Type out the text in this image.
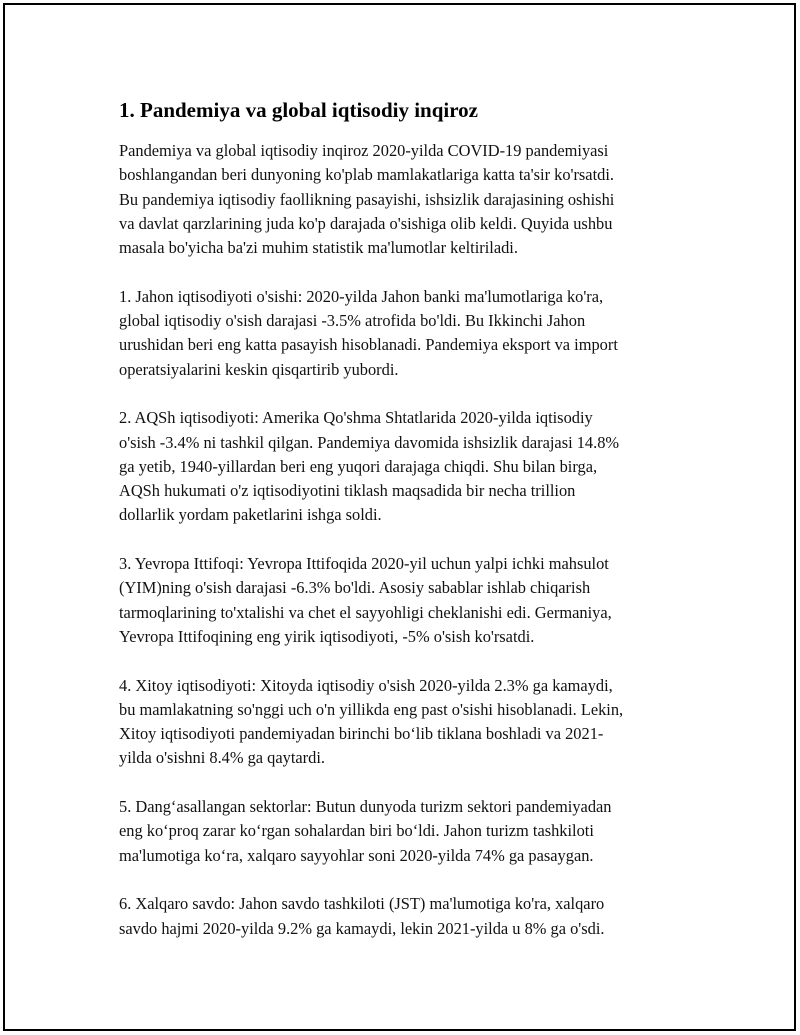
1. Pandemiya va global iqtisodiy inqiroz

Pandemiya va global iqtisodiy inqiroz 2020-yilda COVID-19 pandemiyasi
boshlangandan beri dunyoning ko'plab mamlakatlariga katta ta'sir ko'rsatdi.
Bu pandemiya iqtisodiy faollikning pasayishi, ishsizlik darajasining oshishi
va davlat qarzlarining juda ko'p darajada o'sishiga olib keldi. Quyida ushbu
masala bo'yicha ba'zi muhim statistik ma'lumotlar keltiriladi.

1. Jahon iqtisodiyoti o'sishi: 2020-yilda Jahon banki ma'lumotlariga ko'ra,
global iqtisodiy o'sish darajasi -3.5% atrofida bo'ldi. Bu Ikkinchi Jahon
urushidan beri eng katta pasayish hisoblanadi. Pandemiya eksport va import
operatsiyalarini keskin qisqartirib yubordi.

2. AQSh iqtisodiyoti: Amerika Qo'shma Shtatlarida 2020-yilda iqtisodiy
o'sish -3.4% ni tashkil qilgan. Pandemiya davomida ishsizlik darajasi 14.8%
ga yetib, 1940-yillardan beri eng yuqori darajaga chiqdi. Shu bilan birga,
AQSh hukumati o'z iqtisodiyotini tiklash maqsadida bir necha trillion
dollarlik yordam paketlarini ishga soldi.

3. Yevropa Ittifoqi: Yevropa Ittifoqida 2020-yil uchun yalpi ichki mahsulot
(YIM)ning o'sish darajasi -6.3% bo'ldi. Asosiy sabablar ishlab chiqarish
tarmoqlarining to'xtalishi va chet el sayyohligi cheklanishi edi. Germaniya,
Yevropa Ittifoqining eng yirik iqtisodiyoti, -5% o'sish ko'rsatdi.

4. Xitoy iqtisodiyoti: Xitoyda iqtisodiy o'sish 2020-yilda 2.3% ga kamaydi,
bu mamlakatning so'nggi uch o'n yillikda eng past o'sishi hisoblanadi. Lekin,
Xitoy iqtisodiyoti pandemiyadan birinchi bo‘lib tiklana boshladi va 2021-
yilda o'sishni 8.4% ga qaytardi.

5. Dang‘asallangan sektorlar: Butun dunyoda turizm sektori pandemiyadan
eng ko‘proq zarar ko‘rgan sohalardan biri bo‘ldi. Jahon turizm tashkiloti
ma'lumotiga ko‘ra, xalqaro sayyohlar soni 2020-yilda 74% ga pasaygan.

6. Xalqaro savdo: Jahon savdo tashkiloti (JST) ma'lumotiga ko'ra, xalqaro
savdo hajmi 2020-yilda 9.2% ga kamaydi, lekin 2021-yilda u 8% ga o'sdi.
